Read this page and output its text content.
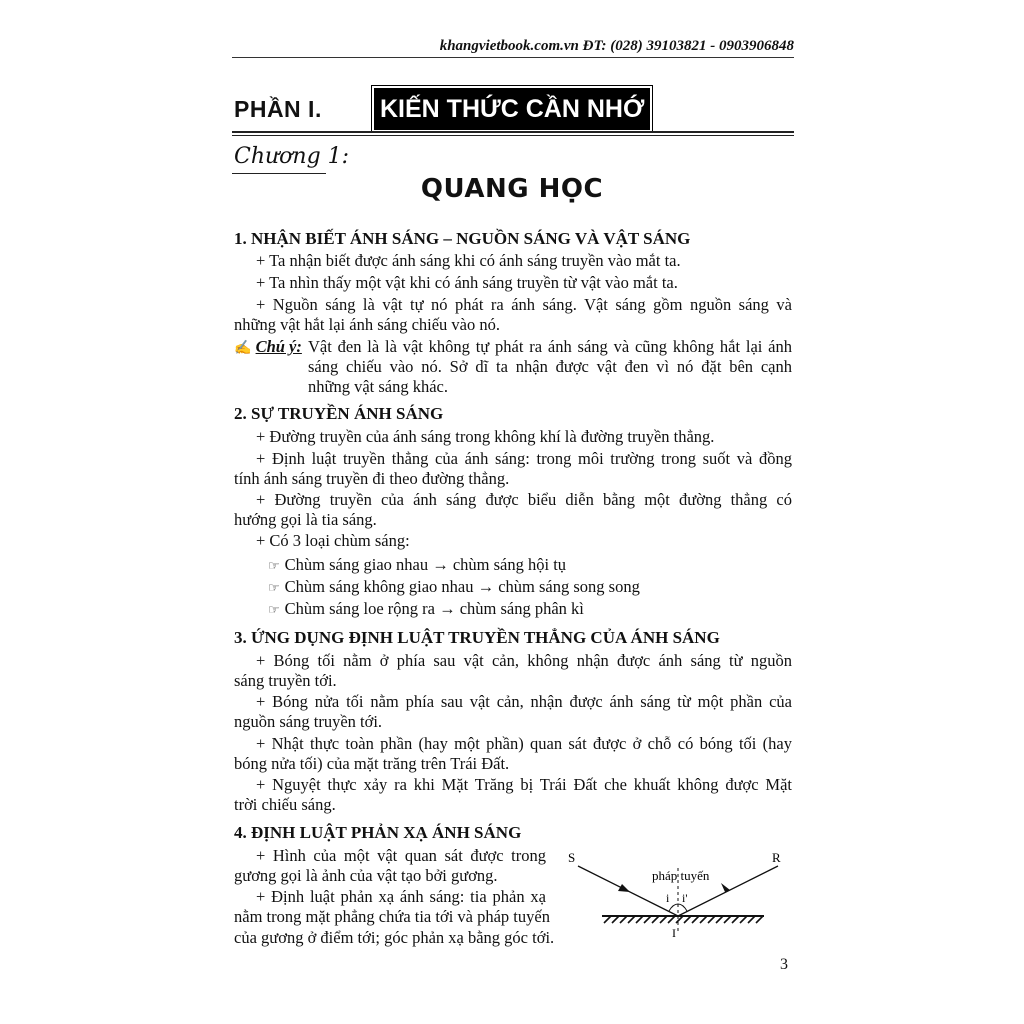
khangvietbook.com.vn ĐT: (028) 39103821 - 0903906848
PHẦN I. KIẾN THỨC CẦN NHỚ
Chương 1:
QUANG HỌC
1. NHẬN BIẾT ÁNH SÁNG – NGUỒN SÁNG VÀ VẬT SÁNG
+ Ta nhận biết được ánh sáng khi có ánh sáng truyền vào mắt ta.
+ Ta nhìn thấy một vật khi có ánh sáng truyền từ vật vào mắt ta.
+ Nguồn sáng là vật tự nó phát ra ánh sáng. Vật sáng gồm nguồn sáng và
những vật hắt lại ánh sáng chiếu vào nó.
✍ Chú ý: Vật đen là là vật không tự phát ra ánh sáng và cũng không hắt lại ánh
sáng chiếu vào nó. Sở dĩ ta nhận được vật đen vì nó đặt bên cạnh
những vật sáng khác.
2. SỰ TRUYỀN ÁNH SÁNG
+ Đường truyền của ánh sáng trong không khí là đường truyền thẳng.
+ Định luật truyền thẳng của ánh sáng: trong môi trường trong suốt và đồng
tính ánh sáng truyền đi theo đường thẳng.
+ Đường truyền của ánh sáng được biểu diễn bằng một đường thẳng có
hướng gọi là tia sáng.
+ Có 3 loại chùm sáng:
☞ Chùm sáng giao nhau → chùm sáng hội tụ
☞ Chùm sáng không giao nhau → chùm sáng song song
☞ Chùm sáng loe rộng ra → chùm sáng phân kì
3. ỨNG DỤNG ĐỊNH LUẬT TRUYỀN THẲNG CỦA ÁNH SÁNG
+ Bóng tối nằm ở phía sau vật cản, không nhận được ánh sáng từ nguồn
sáng truyền tới.
+ Bóng nửa tối nằm phía sau vật cản, nhận được ánh sáng từ một phần của
nguồn sáng truyền tới.
+ Nhật thực toàn phần (hay một phần) quan sát được ở chỗ có bóng tối (hay
bóng nửa tối) của mặt trăng trên Trái Đất.
+ Nguyệt thực xảy ra khi Mặt Trăng bị Trái Đất che khuất không được Mặt
trời chiếu sáng.
4. ĐỊNH LUẬT PHẢN XẠ ÁNH SÁNG
+ Hình của một vật quan sát được trong
gương gọi là ảnh của vật tạo bởi gương.
+ Định luật phản xạ ánh sáng: tia phản xạ
nằm trong mặt phẳng chứa tia tới và pháp tuyến
của gương ở điểm tới; góc phản xạ bằng góc tới.
S	R
pháp tuyến
i i'
I
3
